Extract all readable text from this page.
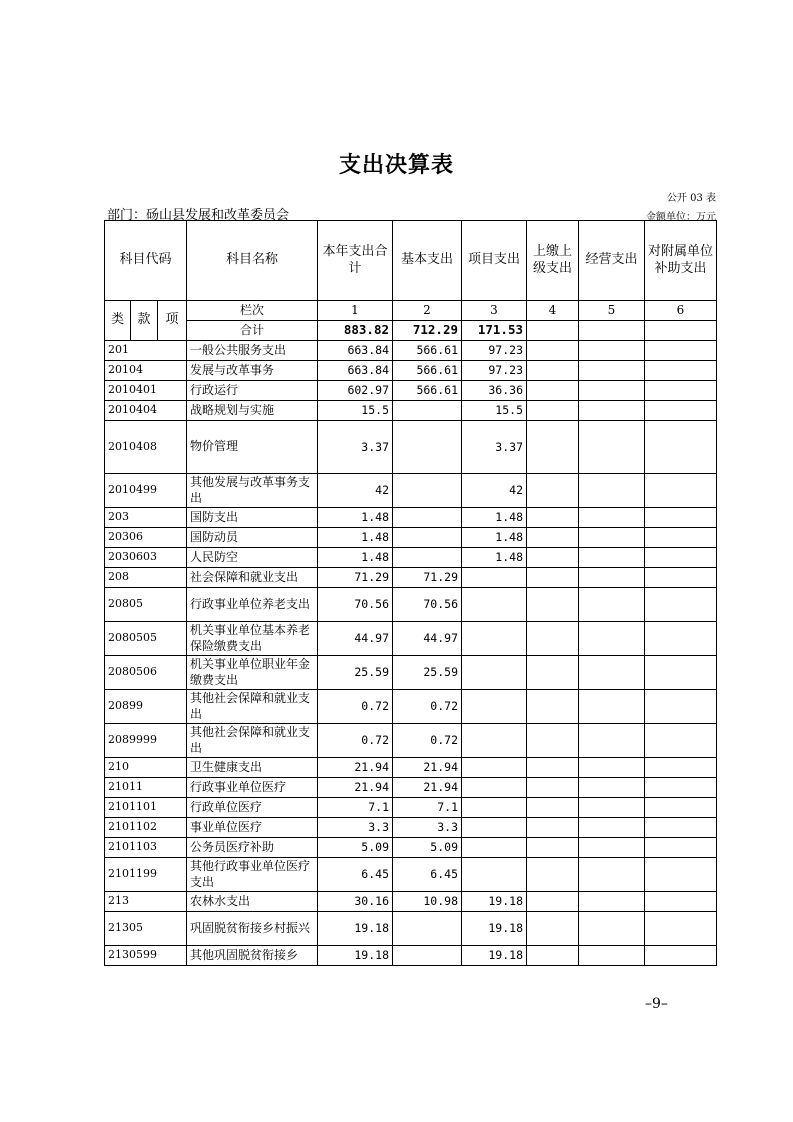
支出决算表
公开 03 表
部门：砀山县发展和改革委员会	金额单位：万元
科目代码			科目名称	本年支出合计	基本支出	项目支出	上缴上级支出	经营支出	对附属单位补助支出
类	款	项	栏次	1	2	3	4	5	6
			合计	883.82	712.29	171.53			
201			一般公共服务支出	663.84	566.61	97.23			
20104			发展与改革事务	663.84	566.61	97.23			
2010401			行政运行	602.97	566.61	36.36			
2010404			战略规划与实施	15.5		15.5			
2010408			物价管理	3.37		3.37			
2010499			其他发展与改革事务支出	42		42			
203			国防支出	1.48		1.48			
20306			国防动员	1.48		1.48			
2030603			人民防空	1.48		1.48			
208			社会保障和就业支出	71.29	71.29				
20805			行政事业单位养老支出	70.56	70.56				
2080505			机关事业单位基本养老保险缴费支出	44.97	44.97				
2080506			机关事业单位职业年金缴费支出	25.59	25.59				
20899			其他社会保障和就业支出	0.72	0.72				
2089999			其他社会保障和就业支出	0.72	0.72				
210			卫生健康支出	21.94	21.94				
21011			行政事业单位医疗	21.94	21.94				
2101101			行政单位医疗	7.1	7.1				
2101102			事业单位医疗	3.3	3.3				
2101103			公务员医疗补助	5.09	5.09				
2101199			其他行政事业单位医疗支出	6.45	6.45				
213			农林水支出	30.16	10.98	19.18			
21305			巩固脱贫衔接乡村振兴	19.18		19.18			
2130599			其他巩固脱贫衔接乡	19.18		19.18			
–9–
